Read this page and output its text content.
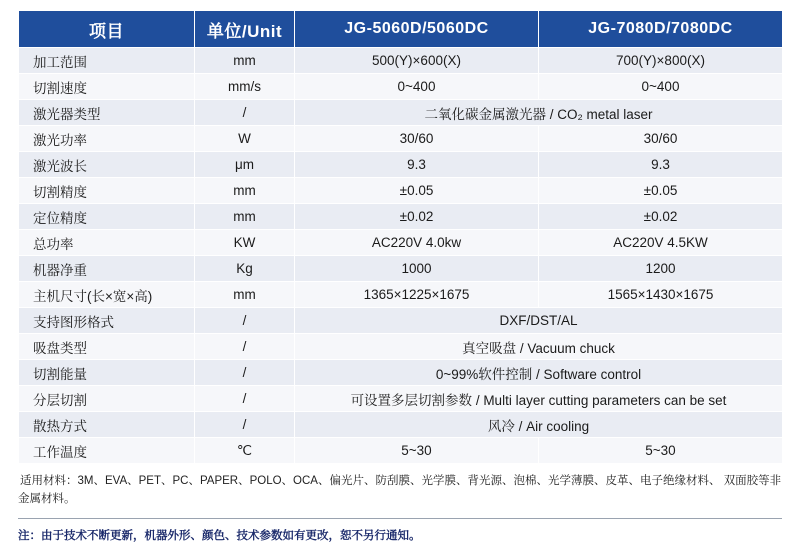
项目	单位/Unit	JG-5060D/5060DC	JG-7080D/7080DC
加工范围	mm	500(Y)×600(X)	700(Y)×800(X)
切割速度	mm/s	0~400	0~400
激光器类型	/	二氧化碳金属激光器 / CO₂ metal laser	
激光功率	W	30/60	30/60
激光波长	μm	9.3	9.3
切割精度	mm	±0.05	±0.05
定位精度	mm	±0.02	±0.02
总功率	KW	AC220V 4.0kw	AC220V 4.5KW
机器净重	Kg	1000	1200
主机尺寸(长×宽×高)	mm	1365×1225×1675	1565×1430×1675
支持图形格式	/	DXF/DST/AL	
吸盘类型	/	真空吸盘 / Vacuum chuck	
切割能量	/	0~99%软件控制 / Software control	
分层切割	/	可设置多层切割参数 / Multi layer cutting parameters can be set	
散热方式	/	风冷 / Air cooling	
工作温度	℃	5~30	5~30
适用材料：3M、EVA、PET、PC、PAPER、POLO、OCA、偏光片、防刮膜、光学膜、背光源、泡棉、光学薄膜、皮革、电子绝缘材料、 双面胶等非金属材料。
注：由于技术不断更新，机器外形、颜色、技术参数如有更改，恕不另行通知。
